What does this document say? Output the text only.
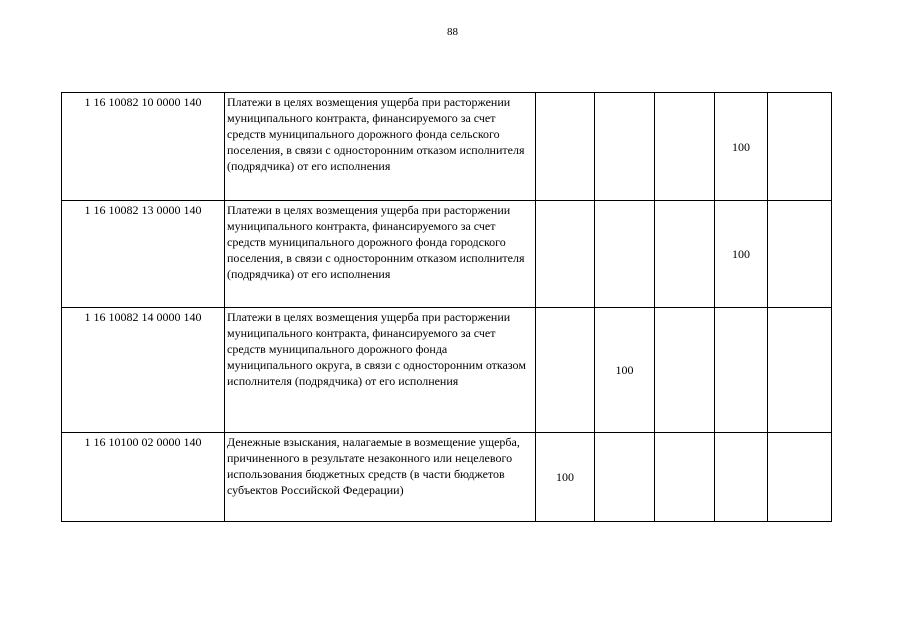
88
1 16 10082 10 0000 140	Платежи в целях возмещения ущерба при расторжении муниципального контракта, финансируемого за счет средств муниципального дорожного фонда сельского поселения, в связи с односторонним отказом исполнителя (подрядчика) от его исполнения				100	
1 16 10082 13 0000 140	Платежи в целях возмещения ущерба при расторжении муниципального контракта, финансируемого за счет средств муниципального дорожного фонда городского поселения, в связи с односторонним отказом исполнителя (подрядчика) от его исполнения				100	
1 16 10082 14 0000 140	Платежи в целях возмещения ущерба при расторжении муниципального контракта, финансируемого за счет средств муниципального дорожного фонда муниципального округа, в связи с односторонним отказом исполнителя (подрядчика) от его исполнения		100			
1 16 10100 02 0000 140	Денежные взыскания, налагаемые в возмещение ущерба, причиненного в результате незаконного или нецелевого использования бюджетных средств (в части бюджетов субъектов Российской Федерации)	100				
